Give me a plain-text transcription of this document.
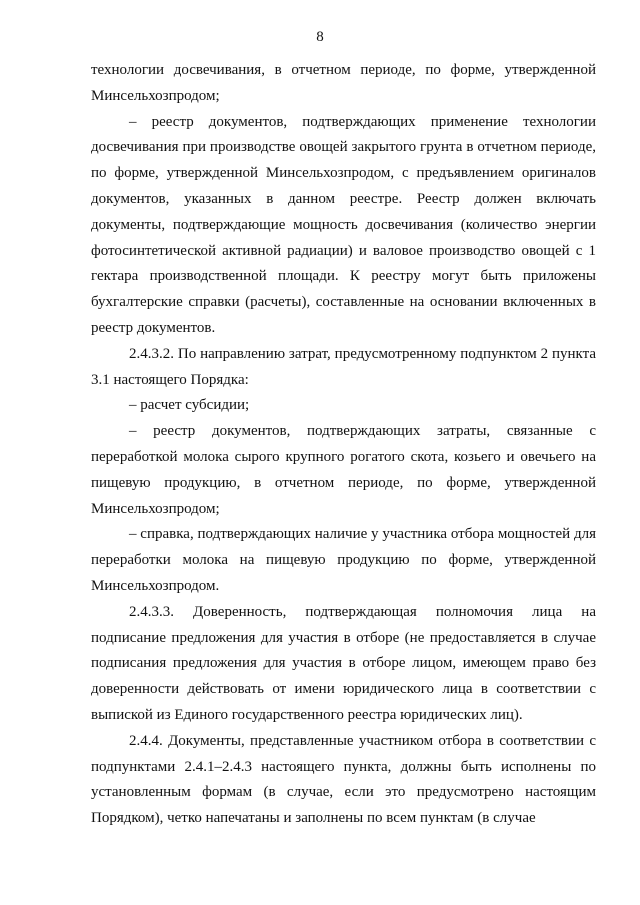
8

технологии досвечивания, в отчетном периоде, по форме, утвержденной Минсельхозпродом;

– реестр документов, подтверждающих применение технологии досвечивания при производстве овощей закрытого грунта в отчетном периоде, по форме, утвержденной Минсельхозпродом, с предъявлением оригиналов документов, указанных в данном реестре. Реестр должен включать документы, подтверждающие мощность досвечивания (количество энергии фотосинтетической активной радиации) и валовое производство овощей с 1 гектара производственной площади. К реестру могут быть приложены бухгалтерские справки (расчеты), составленные на основании включенных в реестр документов.

2.4.3.2. По направлению затрат, предусмотренному подпунктом 2 пункта 3.1 настоящего Порядка:

– расчет субсидии;

– реестр документов, подтверждающих затраты, связанные с переработкой молока сырого крупного рогатого скота, козьего и овечьего на пищевую продукцию, в отчетном периоде, по форме, утвержденной Минсельхозпродом;

– справка, подтверждающих наличие у участника отбора мощностей для переработки молока на пищевую продукцию по форме, утвержденной Минсельхозпродом.

2.4.3.3. Доверенность, подтверждающая полномочия лица на подписание предложения для участия в отборе (не предоставляется в случае подписания предложения для участия в отборе лицом, имеющем право без доверенности действовать от имени юридического лица в соответствии с выпиской из Единого государственного реестра юридических лиц).

2.4.4. Документы, представленные участником отбора в соответствии с подпунктами 2.4.1–2.4.3 настоящего пункта, должны быть исполнены по установленным формам (в случае, если это предусмотрено настоящим Порядком), четко напечатаны и заполнены по всем пунктам (в случае
